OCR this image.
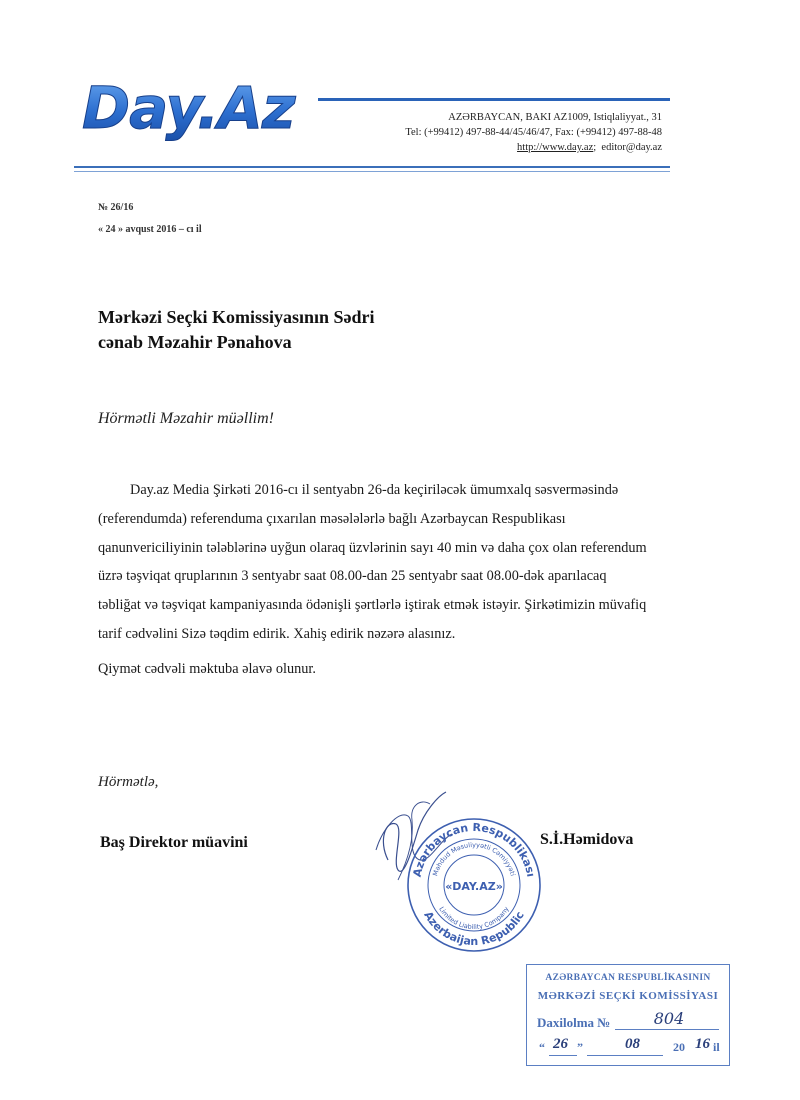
Day.Az	AZƏRBAYCAN, BAKI AZ1009, Istiqlaliyyat., 31
Tel: (+99412) 497-88-44/45/46/47, Fax: (+99412) 497-88-48
http://www.day.az; editor@day.az
№ 26/16
« 24 » avqust 2016 – cı il
Mərkəzi Seçki Komissiyasının Sədri
cənab Məzahir Pənahova
Hörmətli Məzahir müəllim!
Day.az Media Şirkəti 2016-cı il sentyabn 26-da keçiriləcək ümumxalq səsverməsində
(referendumda) referenduma çıxarılan məsələlərlə bağlı Azərbaycan Respublikası
qanunvericiliyinin tələblərinə uyğun olaraq üzvlərinin sayı 40 min və daha çox olan referendum
üzrə təşviqat qruplarının 3 sentyabr saat 08.00-dan 25 sentyabr saat 08.00-dək aparılacaq
təbliğat və təşviqat kampaniyasında ödənişli şərtlərlə iştirak etmək istəyir. Şirkətimizin müvafiq
tarif cədvəlini Sizə təqdim edirik. Xahiş edirik nəzərə alasınız.
Qiymət cədvəli məktuba əlavə olunur.
Hörmətlə,
Baş Direktor müavini	S.İ.Həmidova
Azərbaycan Respublikası
Azerbaijan Republic
Məhdud Məsuliyyətli Cəmiyyəti
Limited Liability Company
«DAY.AZ»
AZƏRBAYCAN RESPUBLİKASININ
MƏRKƏZİ SEÇKİ KOMİSSİYASI
Daxilolma №	804
“ 26 ”	08	20 16 il
